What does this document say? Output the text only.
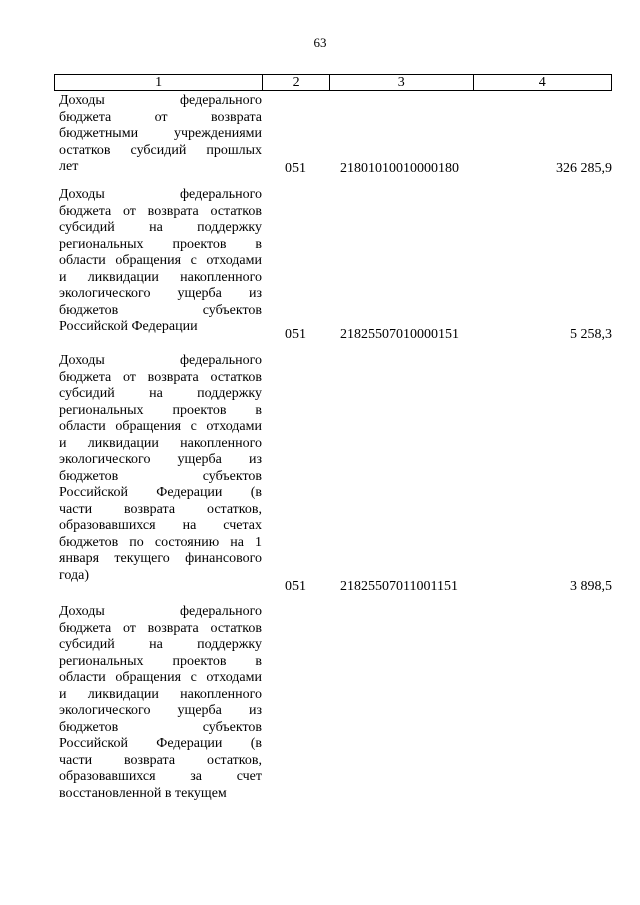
63
1	2	3	4
Доходы федерального
бюджета от возврата
бюджетными учреждениями
остатков субсидий прошлых
лет	051 21801010010000180	326 285,9
Доходы федерального
бюджета от возврата остатков
субсидий на поддержку
региональных проектов в
области обращения с отходами
и ликвидации накопленного
экологического ущерба из
бюджетов субъектов
Российской Федерации
051 21825507010000151	5 258,3
Доходы федерального
бюджета от возврата остатков
субсидий на поддержку
региональных проектов в
области обращения с отходами
и ликвидации накопленного
экологического ущерба из
бюджетов субъектов
Российской Федерации (в
части возврата остатков,
образовавшихся на счетах
бюджетов по состоянию на 1
января текущего финансового
года)
051 21825507011001151	3 898,5
Доходы федерального
бюджета от возврата остатков
субсидий на поддержку
региональных проектов в
области обращения с отходами
и ликвидации накопленного
экологического ущерба из
бюджетов субъектов
Российской Федерации (в
части возврата остатков,
образовавшихся за счет
восстановленной в текущем
